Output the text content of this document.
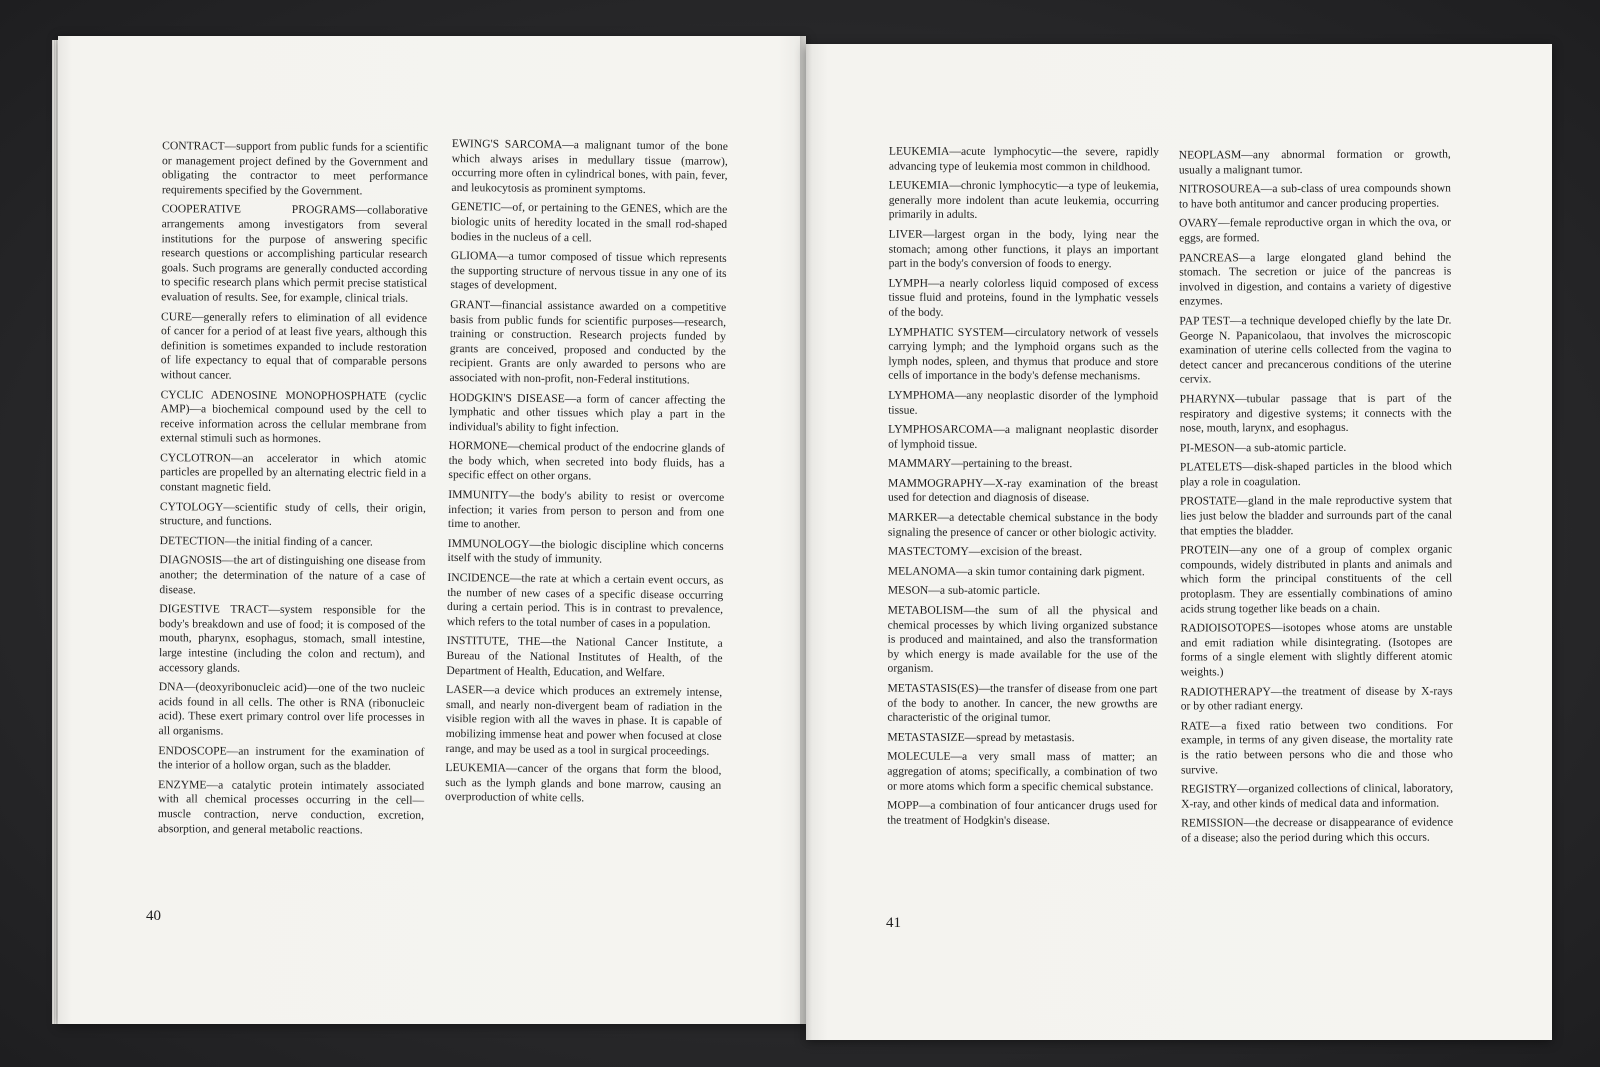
CONTRACT—support from public funds for a scientific or management project defined by the Government and obligating the contractor to meet performance requirements specified by the Government.

COOPERATIVE PROGRAMS—collaborative arrangements among investigators from several institutions for the purpose of answering specific research questions or accomplishing particular research goals. Such programs are generally conducted according to specific research plans which permit precise statistical evaluation of results. See, for example, clinical trials.

CURE—generally refers to elimination of all evidence of cancer for a period of at least five years, although this definition is sometimes expanded to include restoration of life expectancy to equal that of comparable persons without cancer.

CYCLIC ADENOSINE MONOPHOSPHATE (cyclic AMP)—a biochemical compound used by the cell to receive information across the cellular membrane from external stimuli such as hormones.

CYCLOTRON—an accelerator in which atomic particles are propelled by an alternating electric field in a constant magnetic field.

CYTOLOGY—scientific study of cells, their origin, structure, and functions.

DETECTION—the initial finding of a cancer.

DIAGNOSIS—the art of distinguishing one disease from another; the determination of the nature of a case of disease.

DIGESTIVE TRACT—system responsible for the body's breakdown and use of food; it is composed of the mouth, pharynx, esophagus, stomach, small intestine, large intestine (including the colon and rectum), and accessory glands.

DNA—(deoxyribonucleic acid)—one of the two nucleic acids found in all cells. The other is RNA (ribonucleic acid). These exert primary control over life processes in all organisms.

ENDOSCOPE—an instrument for the examination of the interior of a hollow organ, such as the bladder.

ENZYME—a catalytic protein intimately associated with all chemical processes occurring in the cell—muscle contraction, nerve conduction, excretion, absorption, and general metabolic reactions.

EWING'S SARCOMA—a malignant tumor of the bone which always arises in medullary tissue (marrow), occurring more often in cylindrical bones, with pain, fever, and leukocytosis as prominent symptoms.

GENETIC—of, or pertaining to the GENES, which are the biologic units of heredity located in the small rod-shaped bodies in the nucleus of a cell.

GLIOMA—a tumor composed of tissue which represents the supporting structure of nervous tissue in any one of its stages of development.

GRANT—financial assistance awarded on a competitive basis from public funds for scientific purposes—research, training or construction. Research projects funded by grants are conceived, proposed and conducted by the recipient. Grants are only awarded to persons who are associated with non-profit, non-Federal institutions.

HODGKIN'S DISEASE—a form of cancer affecting the lymphatic and other tissues which play a part in the individual's ability to fight infection.

HORMONE—chemical product of the endocrine glands of the body which, when secreted into body fluids, has a specific effect on other organs.

IMMUNITY—the body's ability to resist or overcome infection; it varies from person to person and from one time to another.

IMMUNOLOGY—the biologic discipline which concerns itself with the study of immunity.

INCIDENCE—the rate at which a certain event occurs, as the number of new cases of a specific disease occurring during a certain period. This is in contrast to prevalence, which refers to the total number of cases in a population.

INSTITUTE, THE—the National Cancer Institute, a Bureau of the National Institutes of Health, of the Department of Health, Education, and Welfare.

LASER—a device which produces an extremely intense, small, and nearly non-divergent beam of radiation in the visible region with all the waves in phase. It is capable of mobilizing immense heat and power when focused at close range, and may be used as a tool in surgical proceedings.

LEUKEMIA—cancer of the organs that form the blood, such as the lymph glands and bone marrow, causing an overproduction of white cells.

LEUKEMIA—acute lymphocytic—the severe, rapidly advancing type of leukemia most common in childhood.

LEUKEMIA—chronic lymphocytic—a type of leukemia, generally more indolent than acute leukemia, occurring primarily in adults.

LIVER—largest organ in the body, lying near the stomach; among other functions, it plays an important part in the body's conversion of foods to energy.

LYMPH—a nearly colorless liquid composed of excess tissue fluid and proteins, found in the lymphatic vessels of the body.

LYMPHATIC SYSTEM—circulatory network of vessels carrying lymph; and the lymphoid organs such as the lymph nodes, spleen, and thymus that produce and store cells of importance in the body's defense mechanisms.

LYMPHOMA—any neoplastic disorder of the lymphoid tissue.

LYMPHOSARCOMA—a malignant neoplastic disorder of lymphoid tissue.

MAMMARY—pertaining to the breast.

MAMMOGRAPHY—X-ray examination of the breast used for detection and diagnosis of disease.

MARKER—a detectable chemical substance in the body signaling the presence of cancer or other biologic activity.

MASTECTOMY—excision of the breast.

MELANOMA—a skin tumor containing dark pigment.

MESON—a sub-atomic particle.

METABOLISM—the sum of all the physical and chemical processes by which living organized substance is produced and maintained, and also the transformation by which energy is made available for the use of the organism.

METASTASIS(ES)—the transfer of disease from one part of the body to another. In cancer, the new growths are characteristic of the original tumor.

METASTASIZE—spread by metastasis.

MOLECULE—a very small mass of matter; an aggregation of atoms; specifically, a combination of two or more atoms which form a specific chemical substance.

MOPP—a combination of four anticancer drugs used for the treatment of Hodgkin's disease.

NEOPLASM—any abnormal formation or growth, usually a malignant tumor.

NITROSOUREA—a sub-class of urea compounds shown to have both antitumor and cancer producing properties.

OVARY—female reproductive organ in which the ova, or eggs, are formed.

PANCREAS—a large elongated gland behind the stomach. The secretion or juice of the pancreas is involved in digestion, and contains a variety of digestive enzymes.

PAP TEST—a technique developed chiefly by the late Dr. George N. Papanicolaou, that involves the microscopic examination of uterine cells collected from the vagina to detect cancer and precancerous conditions of the uterine cervix.

PHARYNX—tubular passage that is part of the respiratory and digestive systems; it connects with the nose, mouth, larynx, and esophagus.

PI-MESON—a sub-atomic particle.

PLATELETS—disk-shaped particles in the blood which play a role in coagulation.

PROSTATE—gland in the male reproductive system that lies just below the bladder and surrounds part of the canal that empties the bladder.

PROTEIN—any one of a group of complex organic compounds, widely distributed in plants and animals and which form the principal constituents of the cell protoplasm. They are essentially combinations of amino acids strung together like beads on a chain.

RADIOISOTOPES—isotopes whose atoms are unstable and emit radiation while disintegrating. (Isotopes are forms of a single element with slightly different atomic weights.)

RADIOTHERAPY—the treatment of disease by X-rays or by other radiant energy.

RATE—a fixed ratio between two conditions. For example, in terms of any given disease, the mortality rate is the ratio between persons who die and those who survive.

REGISTRY—organized collections of clinical, laboratory, X-ray, and other kinds of medical data and information.

REMISSION—the decrease or disappearance of evidence of a disease; also the period during which this occurs.

40	41
